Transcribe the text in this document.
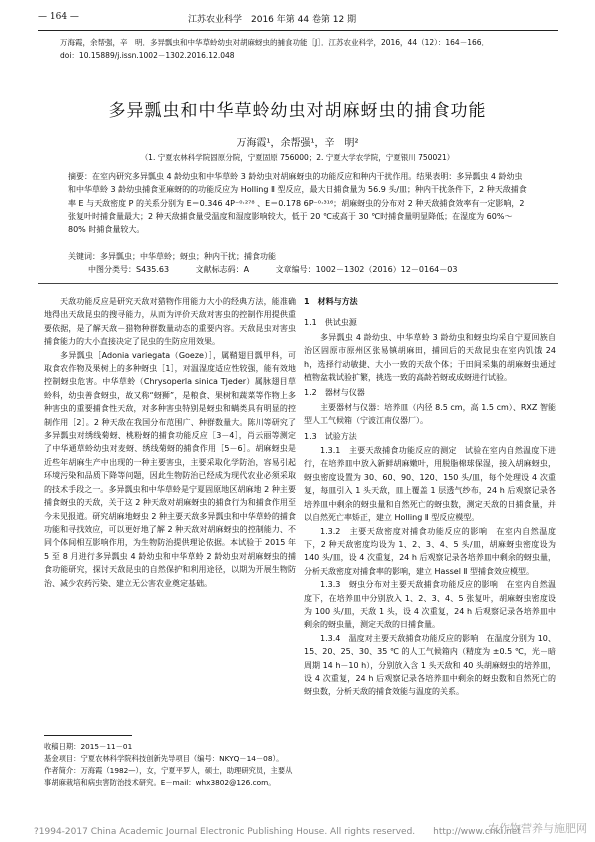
— 164 —	江苏农业科学　2016 年第 44 卷第 12 期
万海霞，余帮强，辛　明．多异瓢虫和中华草蛉幼虫对胡麻蚜虫的捕食功能［J］．江苏农业科学，2016，44（12）：164－166．
doi：10.15889/j.issn.1002－1302.2016.12.048
多异瓢虫和中华草蛉幼虫对胡麻蚜虫的捕食功能
万海霞¹，余帮强¹，辛　明²
（1. 宁夏农林科学院固原分院，宁夏固原 756000；2. 宁夏大学农学院，宁夏银川 750021）
摘要：在室内研究多异瓢虫 4 龄幼虫和中华草蛉 3 龄幼虫对胡麻蚜虫的功能反应和种内干扰作用。结果表明：多异瓢虫 4 龄幼虫和中华草蛉 3 龄幼虫捕食亚麻蚜的的功能反应为 Holling Ⅱ 型反应，最大日捕食量为 56.9 头/皿；种内干扰条件下，2 种天敌捕食率 E 与天敌密度 P 的关系分别为 E＝0.346 4P⁻⁰·²⁷⁸ 、E＝0.178 6P⁻⁰·³¹⁶；胡麻蚜虫的分布对 2 种天敌捕食效率有一定影响，2 张复叶时捕食量最大；2 种天敌捕食量受温度和湿度影响较大，低于 20 ℃或高于 30 ℃时捕食量明显降低；在湿度为 60%～80% 时捕食量较大。
关键词：多异瓢虫；中华草蛉；蚜虫；种内干扰；捕食功能
中图分类号：S435.63	文献标志码：A	文章编号：1002－1302（2016）12－0164－03

天敌功能反应是研究天敌对猎物作用能力大小的经典方法，能准确地得出天敌昆虫的搜寻能力，从而为评价天敌对害虫的控制作用提供重要依据，是了解天敌－猎物种群数量动态的重要内容。天敌昆虫对害虫捕食能力的大小直接决定了昆虫的生防应用效果。

多异瓢虫［Adonia variegata（Goeze）］，属鞘翅目瓢甲科，可取食农作物及果树上的多种蚜虫［1］，对温湿度适应性较强，能有效地控制蚜虫危害。中华草蛉（Chrysoperla sinica Tjeder）属脉翅目草蛉科，幼虫善食蚜虫，故又称“蚜狮”，是粮食、果树和蔬菜等作物上多种害虫的重要捕食性天敌，对多种害虫特别是蚜虫和螨类具有明显的控制作用［2］。2 种天敌在我国分布范围广、种群数量大。陈川等研究了多异瓢虫对绣线菊蚜、桃粉蚜的捕食功能反应［3－4］，肖云丽等测定了中华通草蛉幼虫对麦蚜、绣线菊蚜的捕食作用［5－6］。胡麻蚜虫是近些年胡麻生产中出现的一种主要害虫，主要采取化学防治，容易引起环境污染和品质下降等问题，因此生物防治已经成为现代农业必须采取的技术手段之一。多异瓢虫和中华草蛉是宁夏固原地区胡麻地 2 种主要捕食蚜虫的天敌，关于这 2 种天敌对胡麻蚜虫的捕食行为和捕食作用至今未见报道。研究胡麻地蚜虫 2 种主要天敌多异瓢虫和中华草蛉的捕食功能和寻找效应，可以更好地了解 2 种天敌对胡麻蚜虫的控制能力、不同个体间相互影响作用，为生物防治提供理论依据。本试验于 2015 年 5 至 8 月进行多异瓢虫 4 龄幼虫和中华草蛉 2 龄幼虫对胡麻蚜虫的捕食功能研究，探讨天敌昆虫的自然保护和利用途径，以期为开展生物防治、减少农药污染、建立无公害农业奠定基础。

收稿日期：2015－11－01

基金项目：宁夏农林科学院科技创新先导项目（编号：NKYQ－14－08）。

作者简介：万海霞（1982—），女，宁夏平罗人，硕士，助理研究员，主要从事胡麻栽培和病虫害防治技术研究。E－mail：whx3802@126.com。

1　材料与方法

1.1　供试虫源

多异瓢虫 4 龄幼虫、中华草蛉 3 龄幼虫和蚜虫均采自宁夏回族自治区固原市原州区张易镇胡麻田，捕回后的天敌昆虫在室内饥饿 24 h，选择行动敏捷、大小一致的天敌个体；于田间采集的胡麻蚜虫通过植物盆栽试验扩繁，挑选一致的高龄若蚜或成蚜进行试验。

1.2　器材与仪器

主要器材与仪器：培养皿（内径 8.5 cm，高 1.5 cm）、RXZ 智能型人工气候箱（宁波江南仪器厂）。

1.3　试验方法

1.3.1　主要天敌捕食功能反应的测定　试验在室内自然温度下进行，在培养皿中放入新鲜胡麻嫩叶，用脱脂棉球保湿，接入胡麻蚜虫，蚜虫密度设置为 30、60、90、120、150 头/皿，每个处理设 4 次重复，每皿引入 1 头天敌，皿上覆盖 1 层透气纱布，24 h 后观察记录各培养皿中剩余的蚜虫量和自然死亡的蚜虫数，测定天敌的日捕食量，并以自然死亡率矫正，建立 Holling Ⅱ 型反应模型。

1.3.2　主要天敌密度对捕食功能反应的影响　在室内自然温度下，2 种天敌密度均设为 1、2、3、4、5 头/皿，胡麻蚜虫密度设为 140 头/皿，设 4 次重复，24 h 后观察记录各培养皿中剩余的蚜虫量，分析天敌密度对捕食率的影响，建立 Hassel Ⅱ 型捕食效应模型。

1.3.3　蚜虫分布对主要天敌捕食功能反应的影响　在室内自然温度下，在培养皿中分别放入 1、2、3、4、5 张复叶，胡麻蚜虫密度设为 100 头/皿，天敌 1 头，设 4 次重复，24 h 后观察记录各培养皿中剩余的蚜虫量，测定天敌的日捕食量。

1.3.4　温度对主要天敌捕食功能反应的影响　在温度分别为 10、15、20、25、30、35 ℃ 的人工气候箱内（精度为 ±0.5 ℃，光－暗周期 14 h－10 h），分别放入含 1 头天敌和 40 头胡麻蚜虫的培养皿，设 4 次重复，24 h 后观察记录各培养皿中剩余的蚜虫数和自然死亡的蚜虫数，分析天敌的捕食效能与温度的关系。

?1994-2017 China Academic Journal Electronic Publishing House. All rights reserved.　　http://www.cnki.net
农作物营养与施肥网
